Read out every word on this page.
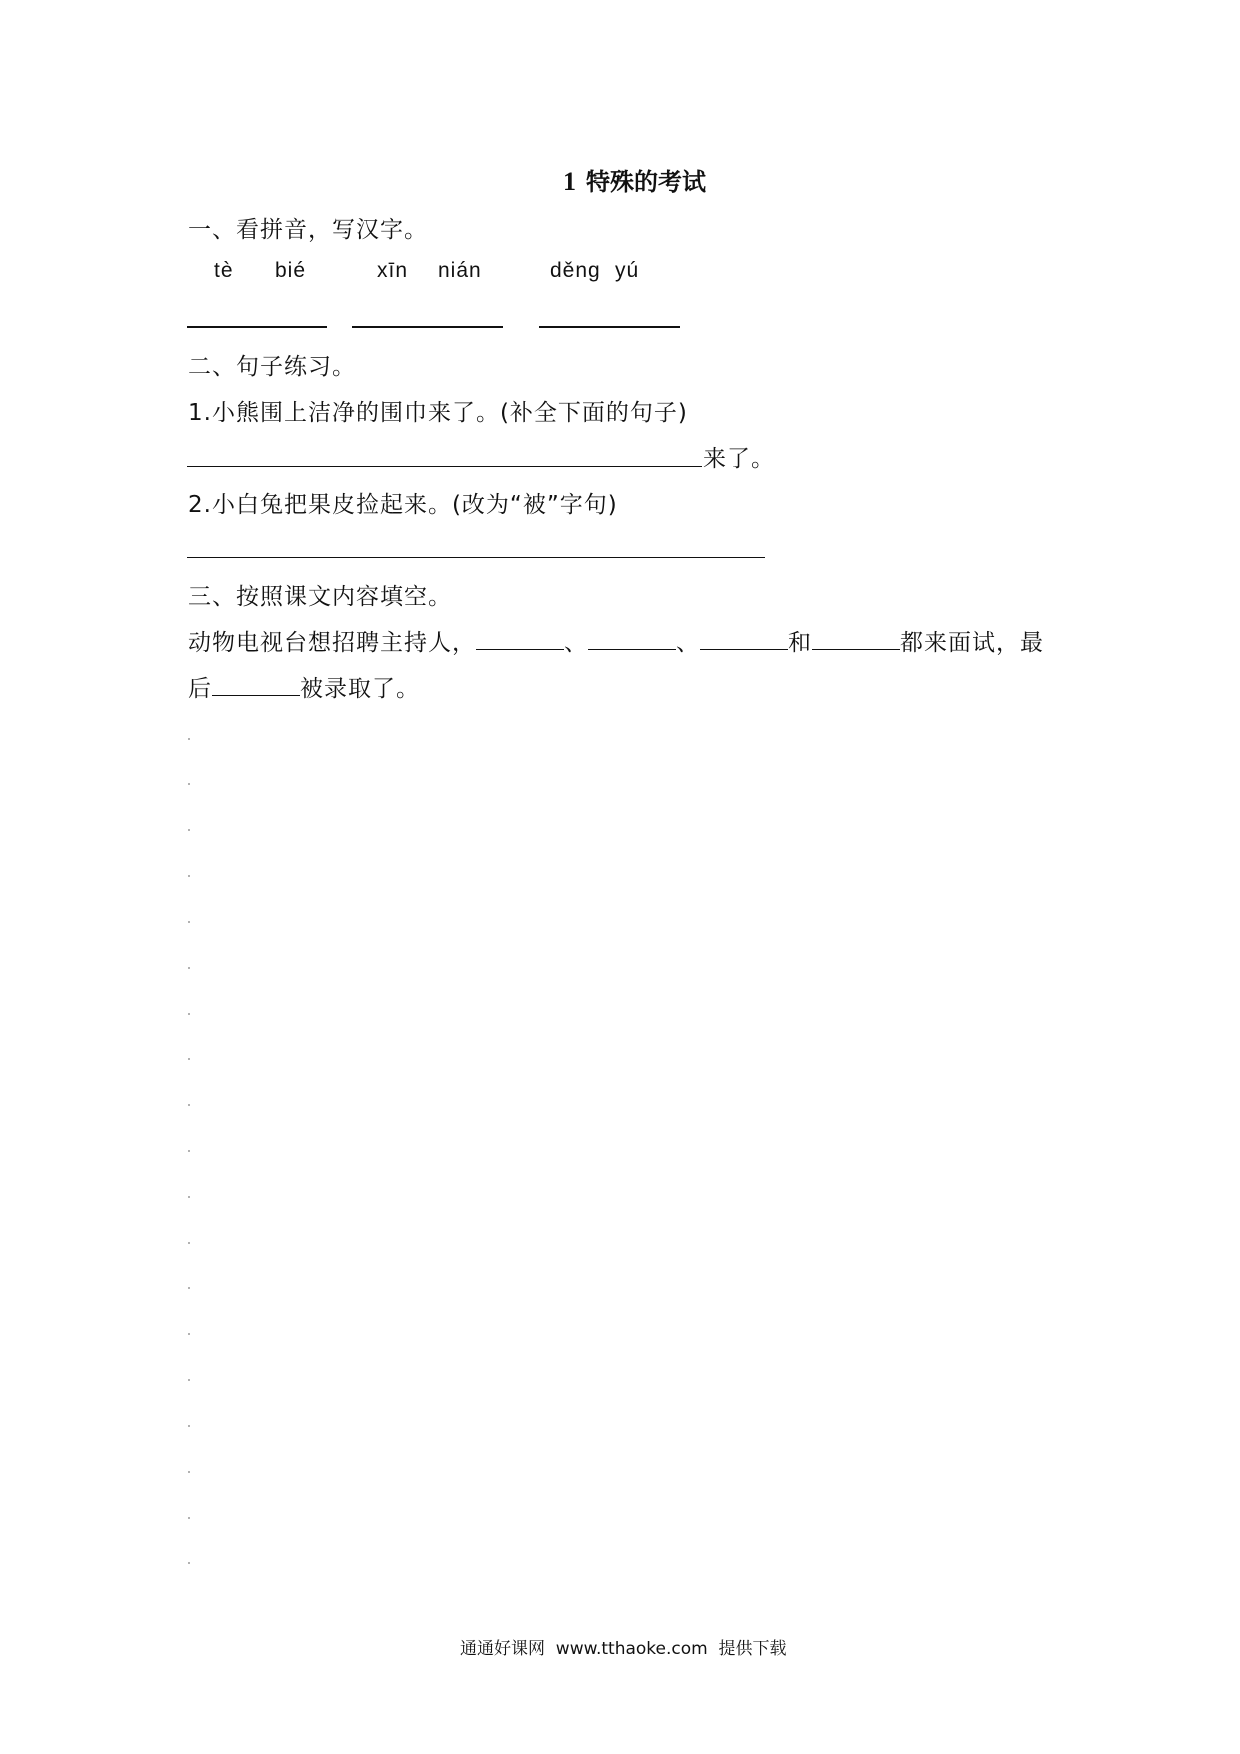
1 特殊的考试
一、看拼音，写汉字。
tè bié	xīn nián	děng yú
二、句子练习。
1.小熊围上洁净的围巾来了。(补全下面的句子)
来了。
2.小白兔把果皮捡起来。(改为“被”字句)
三、按照课文内容填空。
动物电视台想招聘主持人，	、	、	和	都来面试，最
后	被录取了。
通通好课网  www.tthaoke.com  提供下载
